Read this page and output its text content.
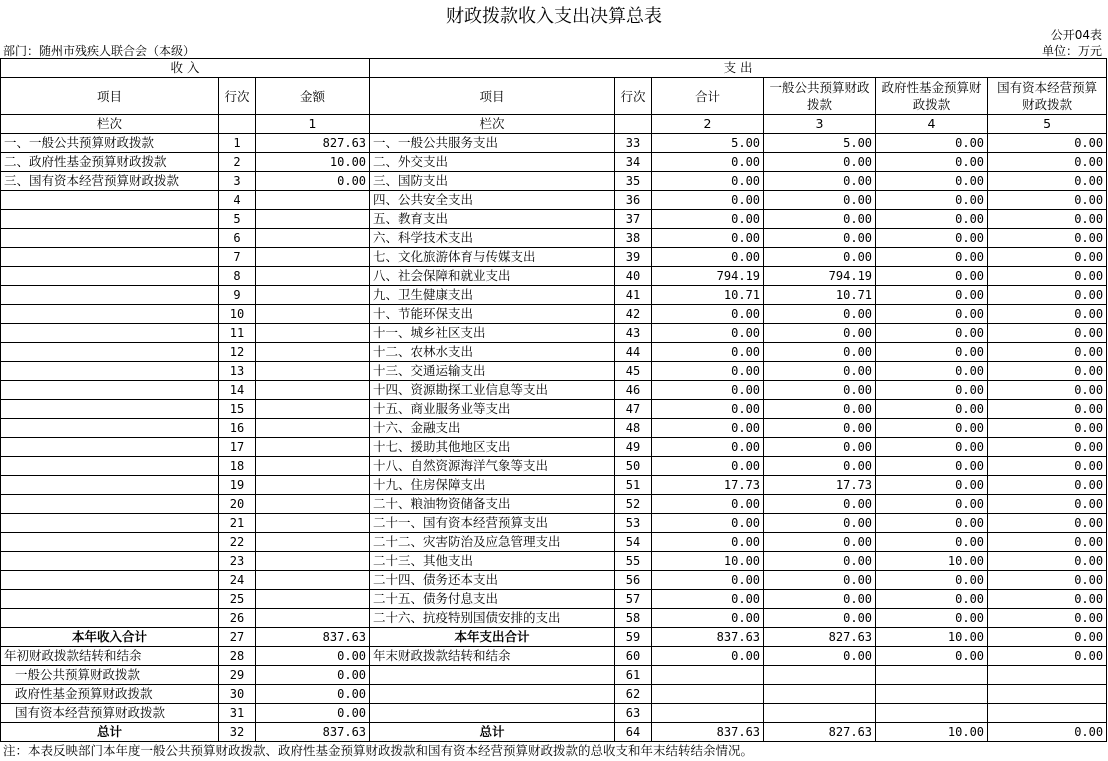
财政拨款收入支出决算总表
公开04表
部门：随州市残疾人联合会（本级）	单位：万元
收 入			支 出					
项目	行次	金额	项目	行次	合计	一般公共预算财政拨款	政府性基金预算财政拨款	国有资本经营预算财政拨款
栏次		1	栏次		2	3	4	5
一、一般公共预算财政拨款	1	827.63	一、一般公共服务支出	33	5.00	5.00	0.00	0.00
二、政府性基金预算财政拨款	2	10.00	二、外交支出	34	0.00	0.00	0.00	0.00
三、国有资本经营预算财政拨款	3	0.00	三、国防支出	35	0.00	0.00	0.00	0.00
	4		四、公共安全支出	36	0.00	0.00	0.00	0.00
	5		五、教育支出	37	0.00	0.00	0.00	0.00
	6		六、科学技术支出	38	0.00	0.00	0.00	0.00
	7		七、文化旅游体育与传媒支出	39	0.00	0.00	0.00	0.00
	8		八、社会保障和就业支出	40	794.19	794.19	0.00	0.00
	9		九、卫生健康支出	41	10.71	10.71	0.00	0.00
	10		十、节能环保支出	42	0.00	0.00	0.00	0.00
	11		十一、城乡社区支出	43	0.00	0.00	0.00	0.00
	12		十二、农林水支出	44	0.00	0.00	0.00	0.00
	13		十三、交通运输支出	45	0.00	0.00	0.00	0.00
	14		十四、资源勘探工业信息等支出	46	0.00	0.00	0.00	0.00
	15		十五、商业服务业等支出	47	0.00	0.00	0.00	0.00
	16		十六、金融支出	48	0.00	0.00	0.00	0.00
	17		十七、援助其他地区支出	49	0.00	0.00	0.00	0.00
	18		十八、自然资源海洋气象等支出	50	0.00	0.00	0.00	0.00
	19		十九、住房保障支出	51	17.73	17.73	0.00	0.00
	20		二十、粮油物资储备支出	52	0.00	0.00	0.00	0.00
	21		二十一、国有资本经营预算支出	53	0.00	0.00	0.00	0.00
	22		二十二、灾害防治及应急管理支出	54	0.00	0.00	0.00	0.00
	23		二十三、其他支出	55	10.00	0.00	10.00	0.00
	24		二十四、债务还本支出	56	0.00	0.00	0.00	0.00
	25		二十五、债务付息支出	57	0.00	0.00	0.00	0.00
	26		二十六、抗疫特别国债安排的支出	58	0.00	0.00	0.00	0.00
本年收入合计	27	837.63	本年支出合计	59	837.63	827.63	10.00	0.00
年初财政拨款结转和结余	28	0.00	年末财政拨款结转和结余	60	0.00	0.00	0.00	0.00
一般公共预算财政拨款	29	0.00		61				
政府性基金预算财政拨款	30	0.00		62				
国有资本经营预算财政拨款	31	0.00		63				
总计	32	837.63	总计	64	837.63	827.63	10.00	0.00
注：本表反映部门本年度一般公共预算财政拨款、政府性基金预算财政拨款和国有资本经营预算财政拨款的总收支和年末结转结余情况。
